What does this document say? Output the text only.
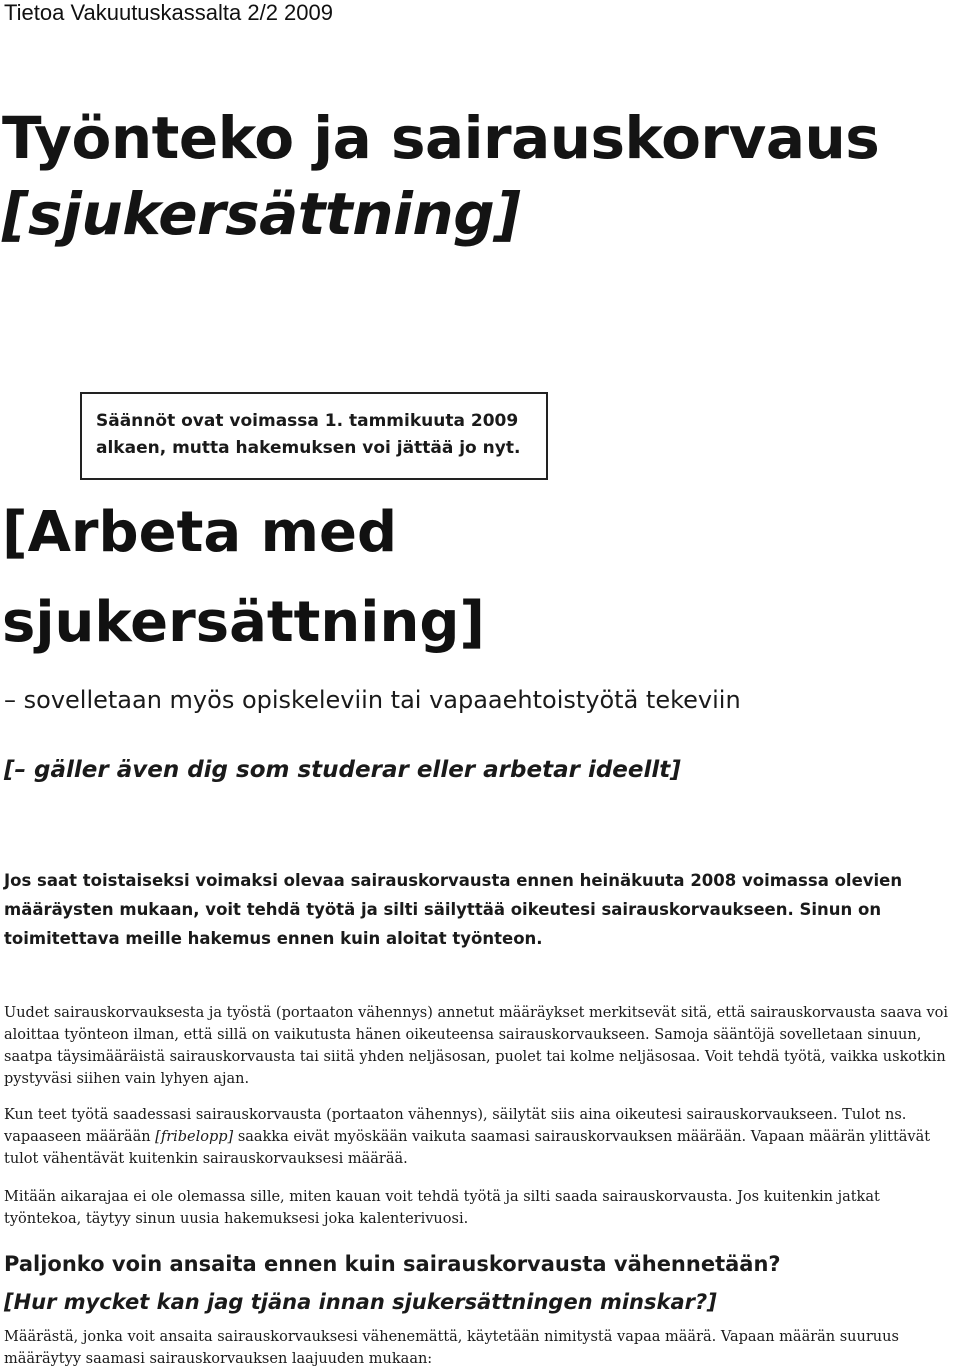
Tietoa Vakuutuskassalta 2/2 2009
Työnteko ja sairauskorvaus
[sjukersättning]
Säännöt ovat voimassa 1. tammikuuta 2009
alkaen, mutta hakemuksen voi jättää jo nyt.
[Arbeta med
sjukersättning]
– sovelletaan myös opiskeleviin tai vapaaehtoistyötä tekeviin
[– gäller även dig som studerar eller arbetar ideellt]

Jos saat toistaiseksi voimaksi olevaa sairauskorvausta ennen heinäkuuta 2008 voimassa olevien määräysten mukaan, voit tehdä työtä ja silti säilyttää oikeutesi sairauskorvaukseen. Sinun on toimitettava meille hakemus ennen kuin aloitat työnteon.

Uudet sairauskorvauksesta ja työstä (portaaton vähennys) annetut määräykset merkitsevät sitä, että sairauskorvausta saava voi aloittaa työnteon ilman, että sillä on vaikutusta hänen oikeuteensa sairauskorvaukseen. Samoja sääntöjä sovelletaan sinuun, saatpa täysimääräistä sairauskorvausta tai siitä yhden neljäsosan, puolet tai kolme neljäsosaa. Voit tehdä työtä, vaikka uskotkin pystyväsi siihen vain lyhyen ajan.

Kun teet työtä saadessasi sairauskorvausta (portaaton vähennys), säilytät siis aina oikeutesi sairauskorvaukseen. Tulot ns. vapaaseen määrään [fribelopp] saakka eivät myöskään vaikuta saamasi sairauskorvauksen määrään. Vapaan määrän ylittävät tulot vähentävät kuitenkin sairauskorvauksesi määrää.

Mitään aikarajaa ei ole olemassa sille, miten kauan voit tehdä työtä ja silti saada sairauskorvausta. Jos kuitenkin jatkat työntekoa, täytyy sinun uusia hakemuksesi joka kalenterivuosi.

Paljonko voin ansaita ennen kuin sairauskorvausta vähennetään?
[Hur mycket kan jag tjäna innan sjukersättningen minskar?]

Määrästä, jonka voit ansaita sairauskorvauksesi vähenemättä, käytetään nimitystä vapaa määrä. Vapaan määrän suuruus määräytyy saamasi sairauskorvauksen laajuuden mukaan:
